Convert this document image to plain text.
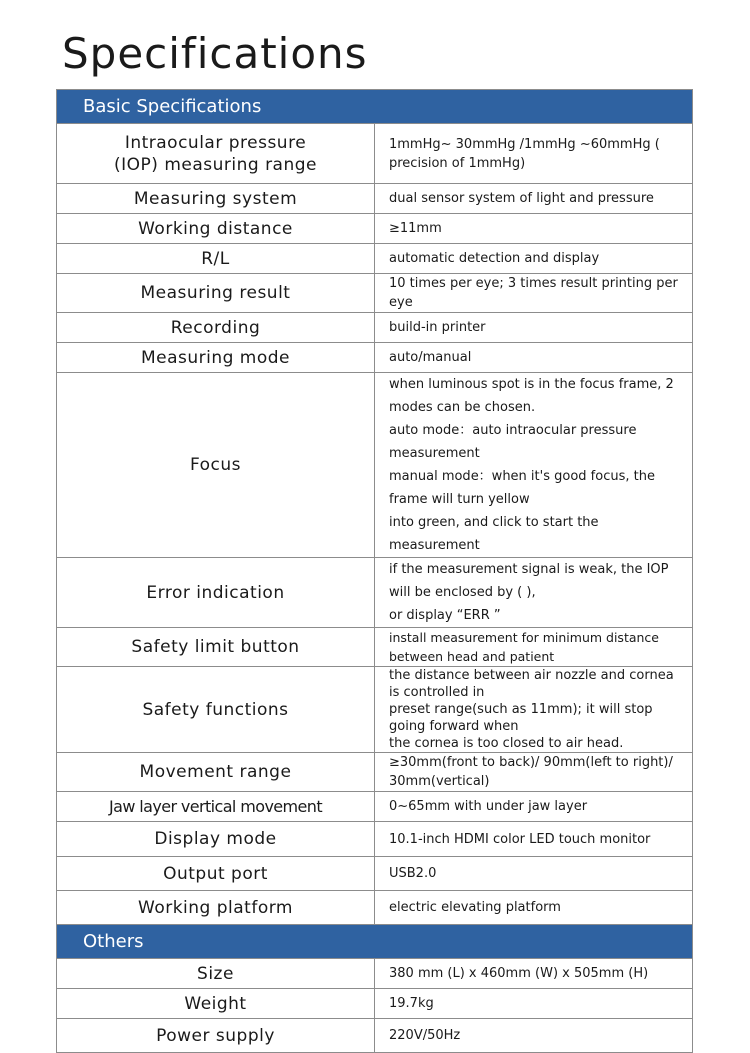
Specifications
Basic Specifications	

Intraocular pressure
(IOP) measuring range	1mmHg~ 30mmHg /1mmHg ~60mmHg ( precision of 1mmHg)
Measuring system	dual sensor system of light and pressure
Working distance	≥11mm
R/L	automatic detection and display
Measuring result	10 times per eye; 3 times result printing per eye
Recording	build-in printer
Measuring mode	auto/manual
Focus	when luminous spot is in the focus frame, 2 modes can be chosen.
auto mode：auto intraocular pressure measurement
manual mode：when it's good focus, the frame will turn yellow
into green, and click to start the measurement

Error indication	if the measurement signal is weak, the IOP will be enclosed by ( ),
or display “ERR ”

Safety limit button	install measurement for minimum distance between head and patient
Safety functions	the distance between air nozzle and cornea is controlled in
preset range(such as 11mm); it will stop going forward when
the cornea is too closed to air head.

Movement range	≥30mm(front to back)/ 90mm(left to right)/ 30mm(vertical)
Jaw layer vertical movement	0~65mm with under jaw layer
Display mode	10.1-inch HDMI color LED touch monitor
Output port	USB2.0
Working platform	electric elevating platform
Others	
Size	380 mm (L) x 460mm (W) x 505mm (H)
Weight	19.7kg
Power supply	220V/50Hz
